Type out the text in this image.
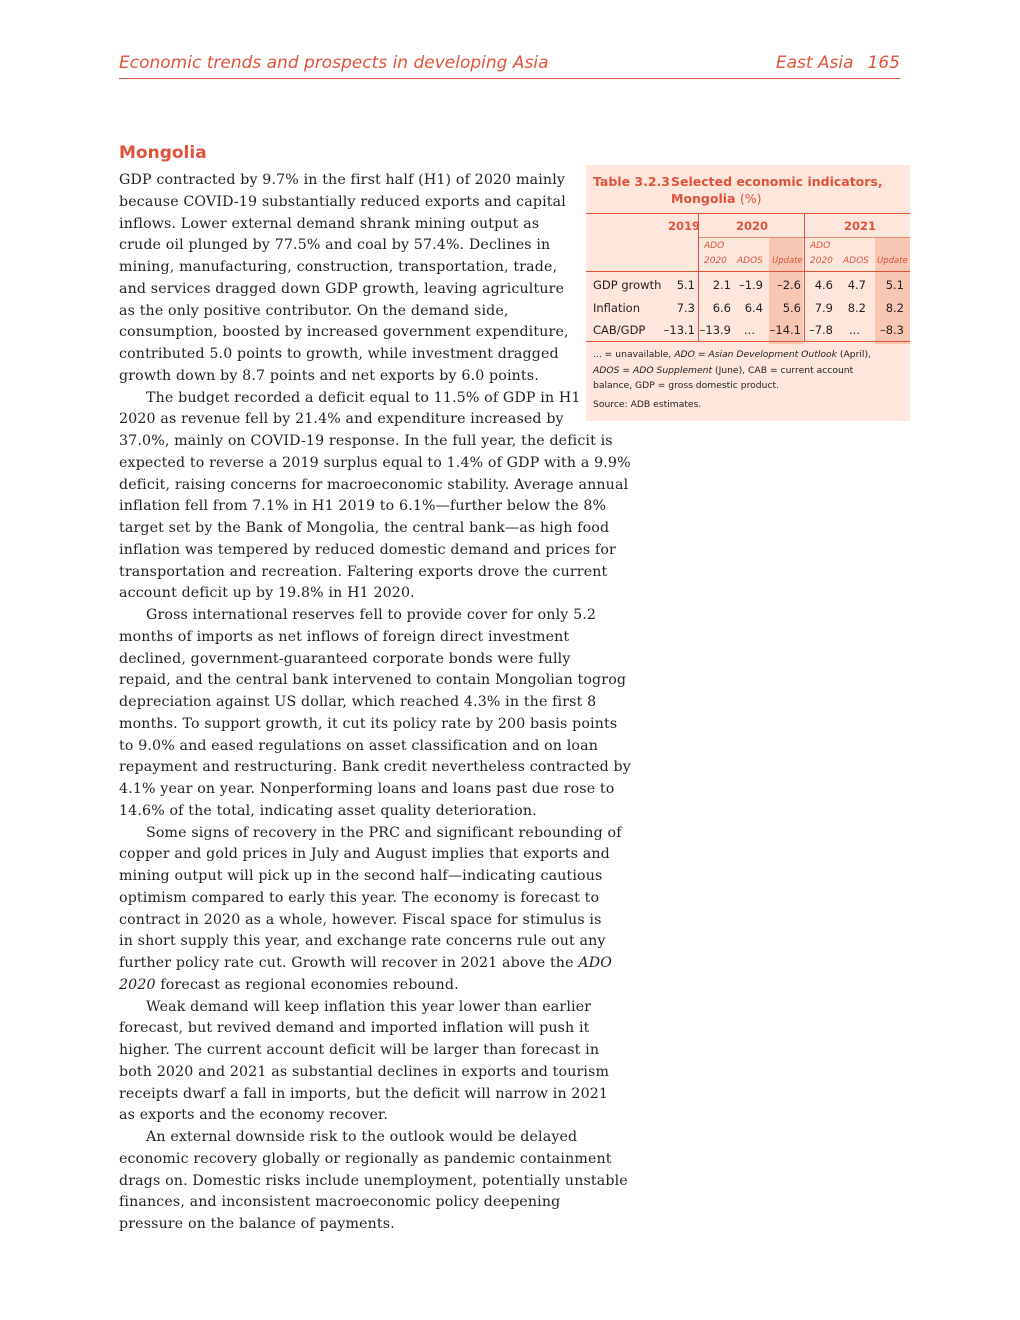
Economic trends and prospects in developing Asia	East Asia 165
Mongolia
GDP contracted by 9.7% in the first half (H1) of 2020 mainly
because COVID-19 substantially reduced exports and capital
inflows. Lower external demand shrank mining output as
crude oil plunged by 77.5% and coal by 57.4%. Declines in
mining, manufacturing, construction, transportation, trade,
and services dragged down GDP growth, leaving agriculture
as the only positive contributor. On the demand side,
consumption, boosted by increased government expenditure,
contributed 5.0 points to growth, while investment dragged
growth down by 8.7 points and net exports by 6.0 points.
The budget recorded a deficit equal to 11.5% of GDP in H1
2020 as revenue fell by 21.4% and expenditure increased by
37.0%, mainly on COVID-19 response. In the full year, the deficit is
expected to reverse a 2019 surplus equal to 1.4% of GDP with a 9.9%
deficit, raising concerns for macroeconomic stability. Average annual
inflation fell from 7.1% in H1 2019 to 6.1%—further below the 8%
target set by the Bank of Mongolia, the central bank—as high food
inflation was tempered by reduced domestic demand and prices for
transportation and recreation. Faltering exports drove the current
account deficit up by 19.8% in H1 2020.
Gross international reserves fell to provide cover for only 5.2
months of imports as net inflows of foreign direct investment
declined, government-guaranteed corporate bonds were fully
repaid, and the central bank intervened to contain Mongolian togrog
depreciation against US dollar, which reached 4.3% in the first 8
months. To support growth, it cut its policy rate by 200 basis points
to 9.0% and eased regulations on asset classification and on loan
repayment and restructuring. Bank credit nevertheless contracted by
4.1% year on year. Nonperforming loans and loans past due rose to
14.6% of the total, indicating asset quality deterioration.
Some signs of recovery in the PRC and significant rebounding of
copper and gold prices in July and August implies that exports and
mining output will pick up in the second half—indicating cautious
optimism compared to early this year. The economy is forecast to
contract in 2020 as a whole, however. Fiscal space for stimulus is
in short supply this year, and exchange rate concerns rule out any
further policy rate cut. Growth will recover in 2021 above the ADO
2020 forecast as regional economies rebound.
Weak demand will keep inflation this year lower than earlier
forecast, but revived demand and imported inflation will push it
higher. The current account deficit will be larger than forecast in
both 2020 and 2021 as substantial declines in exports and tourism
receipts dwarf a fall in imports, but the deficit will narrow in 2021
as exports and the economy recover.
An external downside risk to the outlook would be delayed
economic recovery globally or regionally as pandemic containment
drags on. Domestic risks include unemployment, potentially unstable
finances, and inconsistent macroeconomic policy deepening
pressure on the balance of payments.
Table 3.2.3 Selected economic indicators,
Mongolia (%)
2019	2020	2021
ADO
2020 ADOS Update
ADO
2020 ADOS Update
GDP growth	5.1	2.1 –1.9	–2.6	4.6	4.7	5.1
Inflation	7.3	6.6	6.4	5.6	7.9	8.2	8.2
CAB/GDP –13.1 –13.9	...	–14.1 –7.8	...	–8.3
... = unavailable, ADO = Asian Development Outlook (April),
ADOS = ADO Supplement (June), CAB = current account
balance, GDP = gross domestic product.
Source: ADB estimates.
